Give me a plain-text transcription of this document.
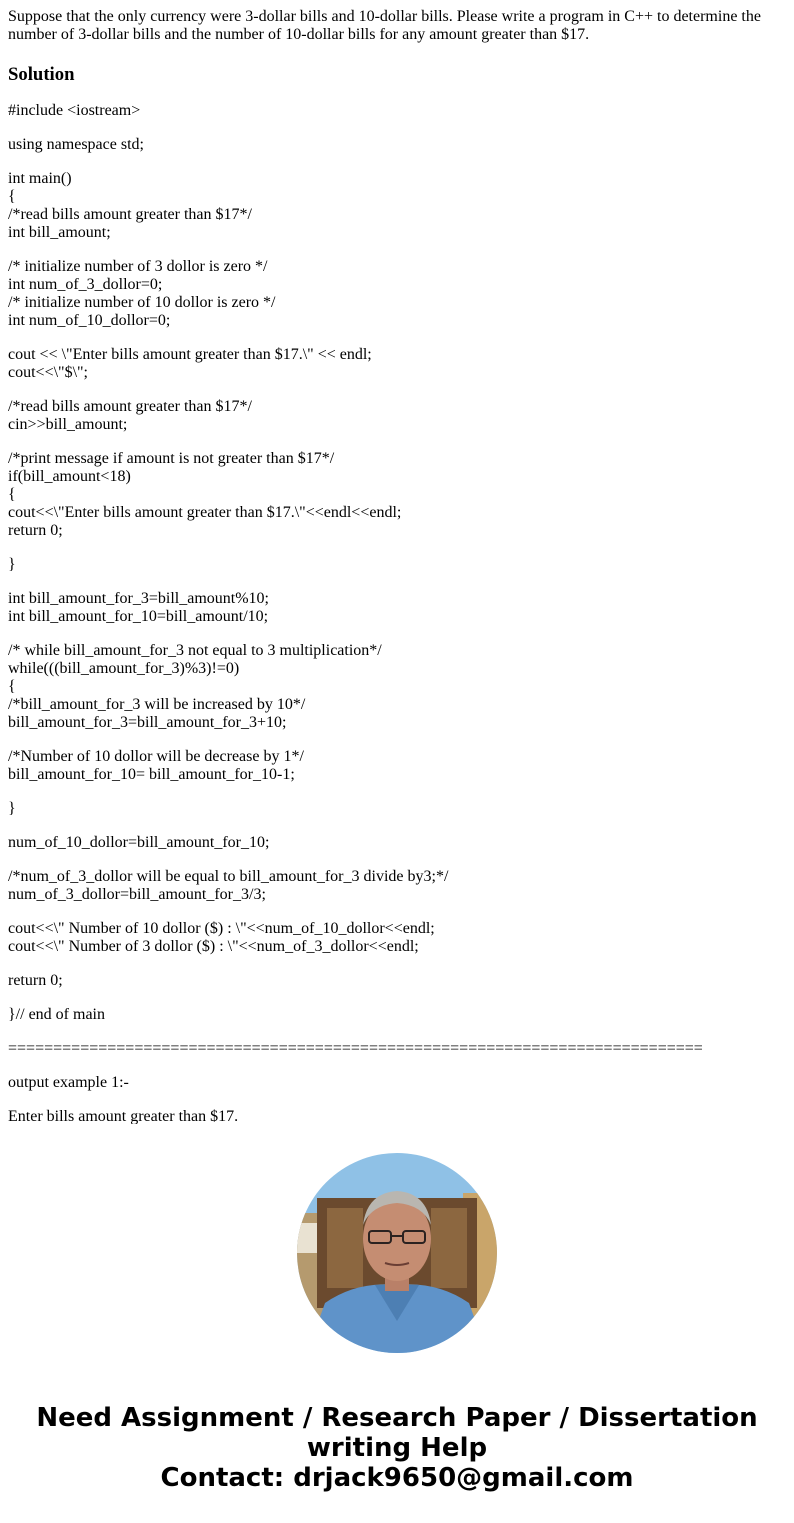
Suppose that the only currency were 3-dollar bills and 10-dollar bills. Please write a program in C++ to determine the number of 3-dollar bills and the number of 10-dollar bills for any amount greater than $17.

Solution

#include <iostream>

using namespace std;

int main()
{
/*read bills amount greater than $17*/
int bill_amount;

/* initialize number of 3 dollor is zero */
int num_of_3_dollor=0;
/* initialize number of 10 dollor is zero */
int num_of_10_dollor=0;

cout << \"Enter bills amount greater than $17.\" << endl;
cout<<\"$\";

/*read bills amount greater than $17*/
cin>>bill_amount;

/*print message if amount is not greater than $17*/
if(bill_amount<18)
{
cout<<\"Enter bills amount greater than $17.\"<<endl<<endl;
return 0;

}

int bill_amount_for_3=bill_amount%10;
int bill_amount_for_10=bill_amount/10;

/* while bill_amount_for_3 not equal to 3 multiplication*/
while(((bill_amount_for_3)%3)!=0)
{
/*bill_amount_for_3 will be increased by 10*/
bill_amount_for_3=bill_amount_for_3+10;

/*Number of 10 dollor will be decrease by 1*/
bill_amount_for_10= bill_amount_for_10-1;

}

num_of_10_dollor=bill_amount_for_10;

/*num_of_3_dollor will be equal to bill_amount_for_3 divide by3;*/
num_of_3_dollor=bill_amount_for_3/3;

cout<<\" Number of 10 dollor ($) : \"<<num_of_10_dollor<<endl;
cout<<\" Number of 3 dollor ($) : \"<<num_of_3_dollor<<endl;

return 0;

}// end of main

=============================================================================

output example 1:-

Enter bills amount greater than $17.

Need Assignment / Research Paper / Dissertation
writing Help
Contact: drjack9650@gmail.com
